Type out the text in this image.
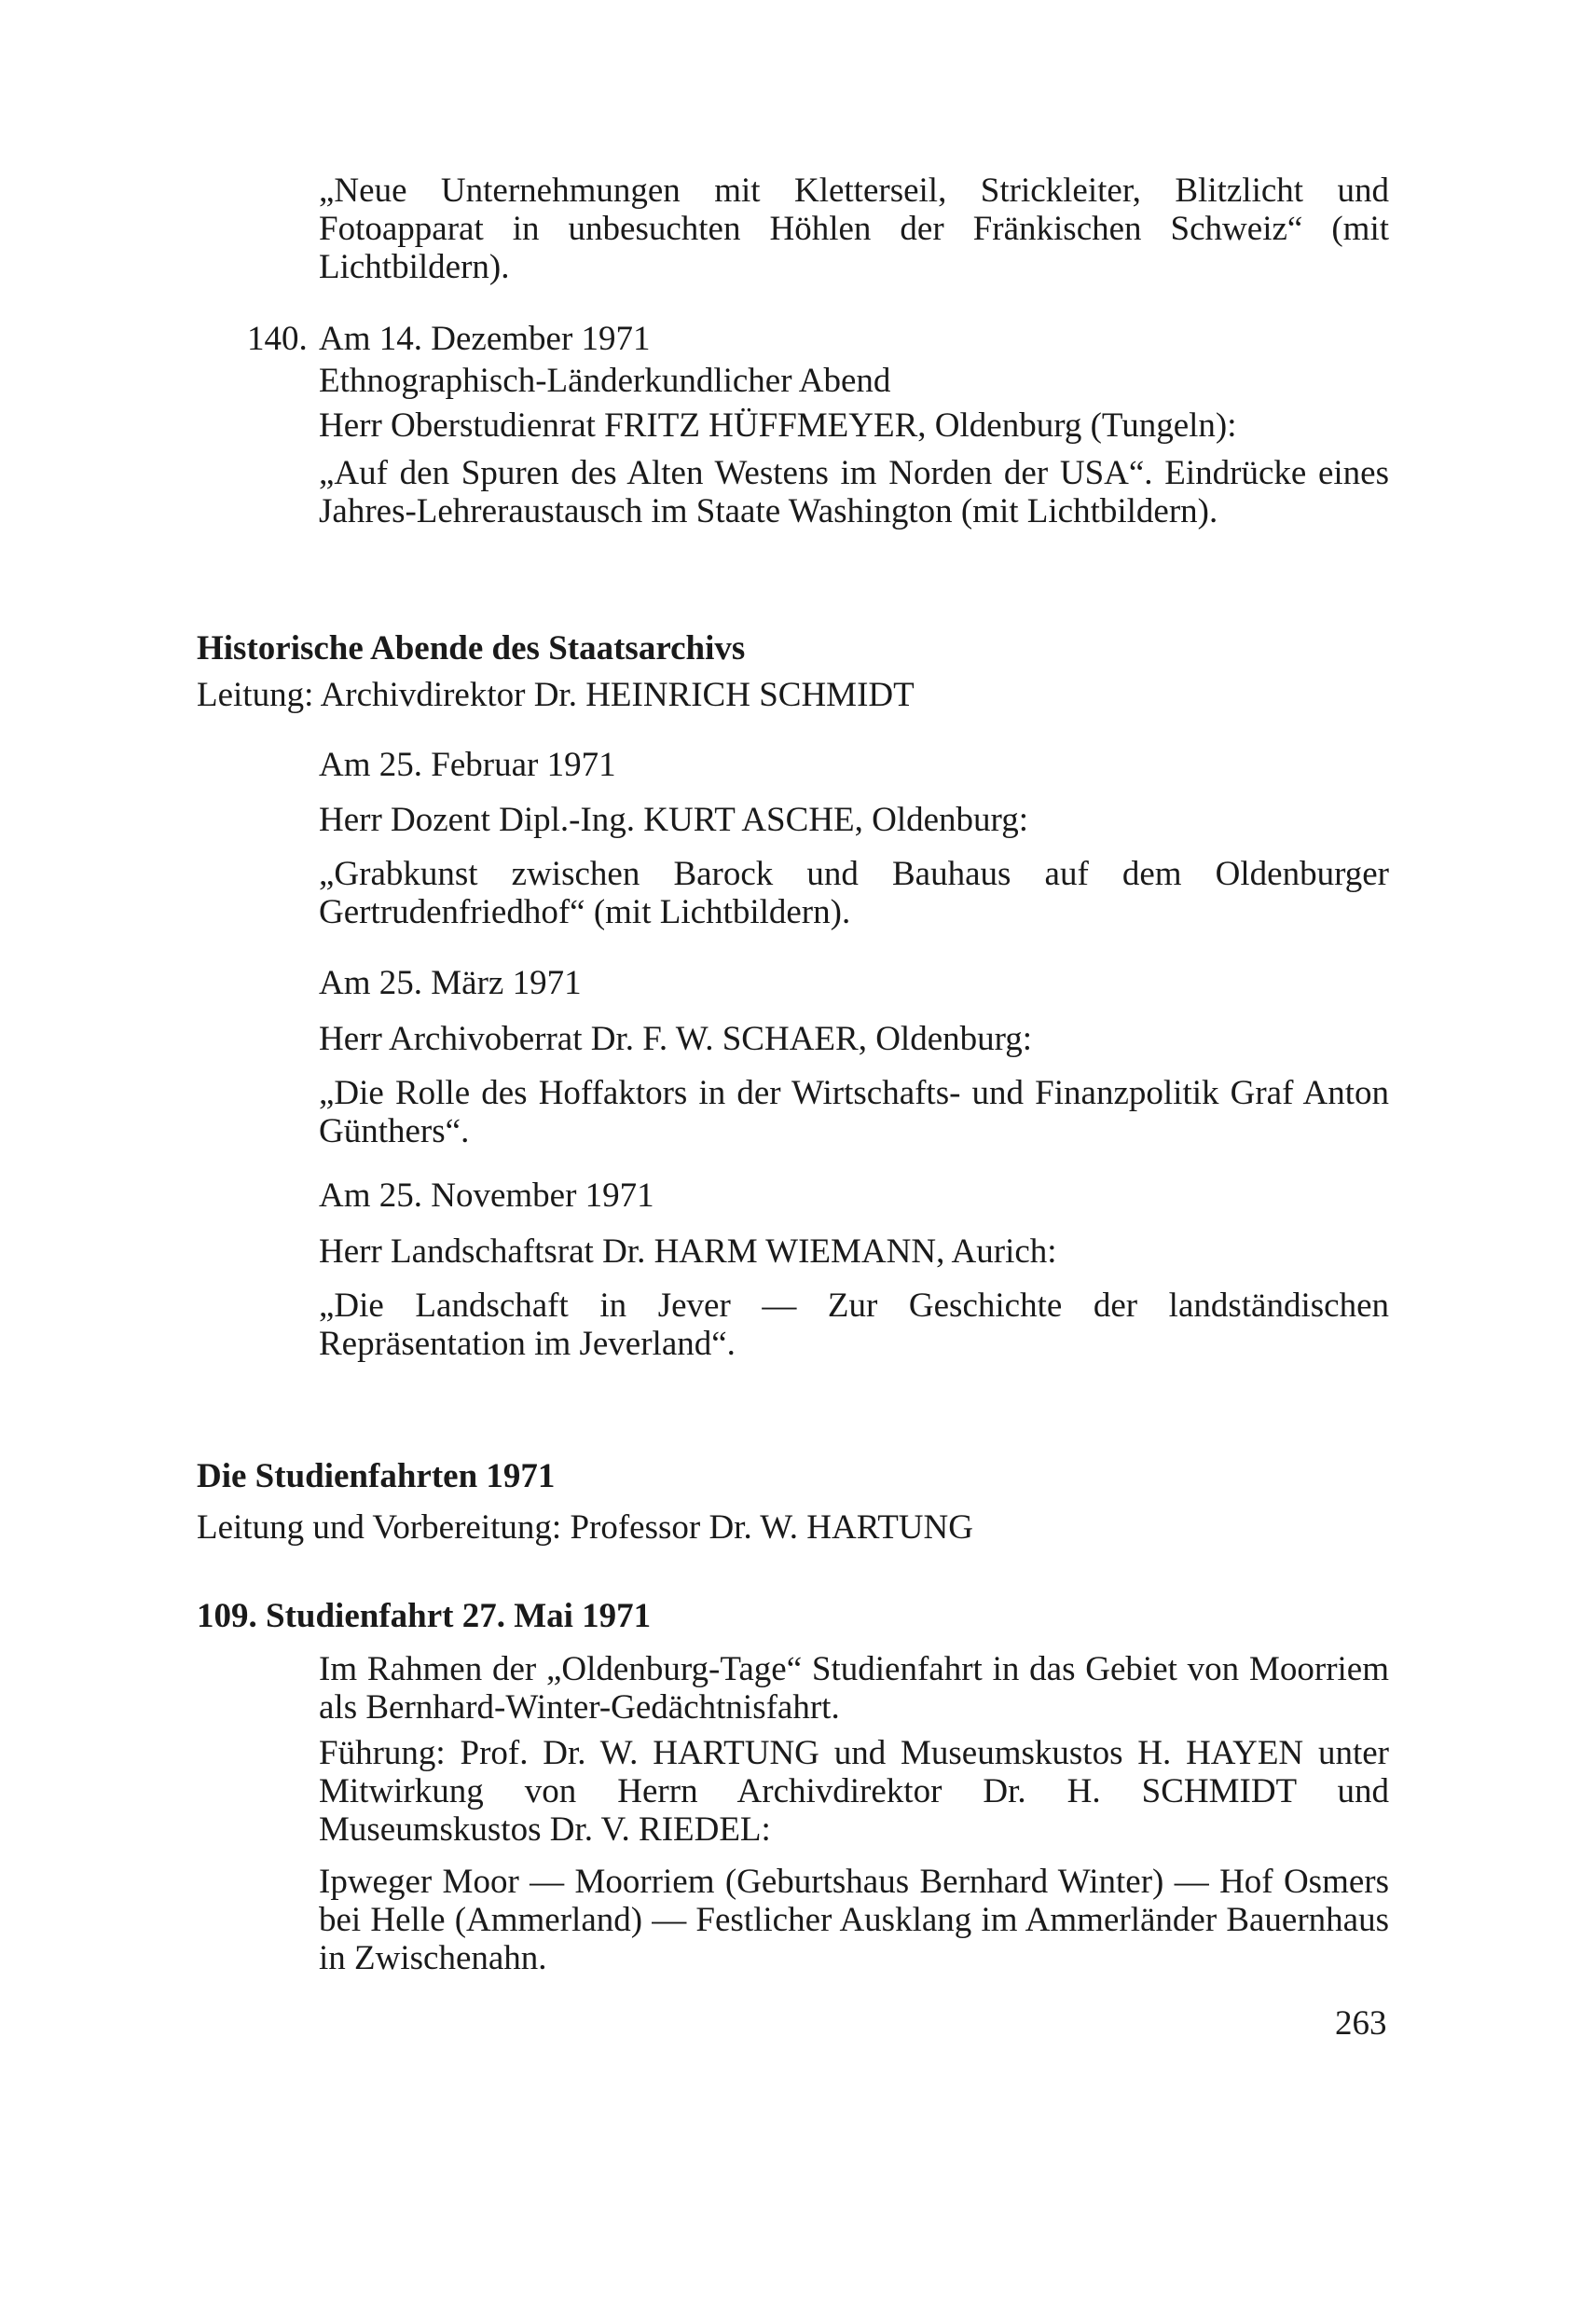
„Neue Unternehmungen mit Kletterseil, Strickleiter, Blitzlicht und Fotoapparat in unbesuchten Höhlen der Fränkischen Schweiz“ (mit Lichtbildern).

140. Am 14. Dezember 1971
Ethnographisch-Länderkundlicher Abend
Herr Oberstudienrat FRITZ HÜFFMEYER, Oldenburg (Tungeln):

„Auf den Spuren des Alten Westens im Norden der USA“. Eindrücke eines Jahres-Lehreraustausch im Staate Washington (mit Lichtbildern).

Historische Abende des Staatsarchivs
Leitung: Archivdirektor Dr. HEINRICH SCHMIDT
Am 25. Februar 1971
Herr Dozent Dipl.-Ing. KURT ASCHE, Oldenburg:

„Grabkunst zwischen Barock und Bauhaus auf dem Oldenburger Gertrudenfriedhof“ (mit Lichtbildern).

Am 25. März 1971
Herr Archivoberrat Dr. F. W. SCHAER, Oldenburg:

„Die Rolle des Hoffaktors in der Wirtschafts- und Finanzpolitik Graf Anton Günthers“.

Am 25. November 1971
Herr Landschaftsrat Dr. HARM WIEMANN, Aurich:

„Die Landschaft in Jever — Zur Geschichte der landständischen Repräsentation im Jeverland“.

Die Studienfahrten 1971
Leitung und Vorbereitung: Professor Dr. W. HARTUNG
109. Studienfahrt 27. Mai 1971

Im Rahmen der „Oldenburg-Tage“ Studienfahrt in das Gebiet von Moorriem als Bernhard-Winter-Gedächtnisfahrt.

Führung: Prof. Dr. W. HARTUNG und Museumskustos H. HAYEN unter Mitwirkung von Herrn Archivdirektor Dr. H. SCHMIDT und Museumskustos Dr. V. RIEDEL:

Ipweger Moor — Moorriem (Geburtshaus Bernhard Winter) — Hof Osmers bei Helle (Ammerland) — Festlicher Ausklang im Ammerländer Bauernhaus in Zwischenahn.

263
